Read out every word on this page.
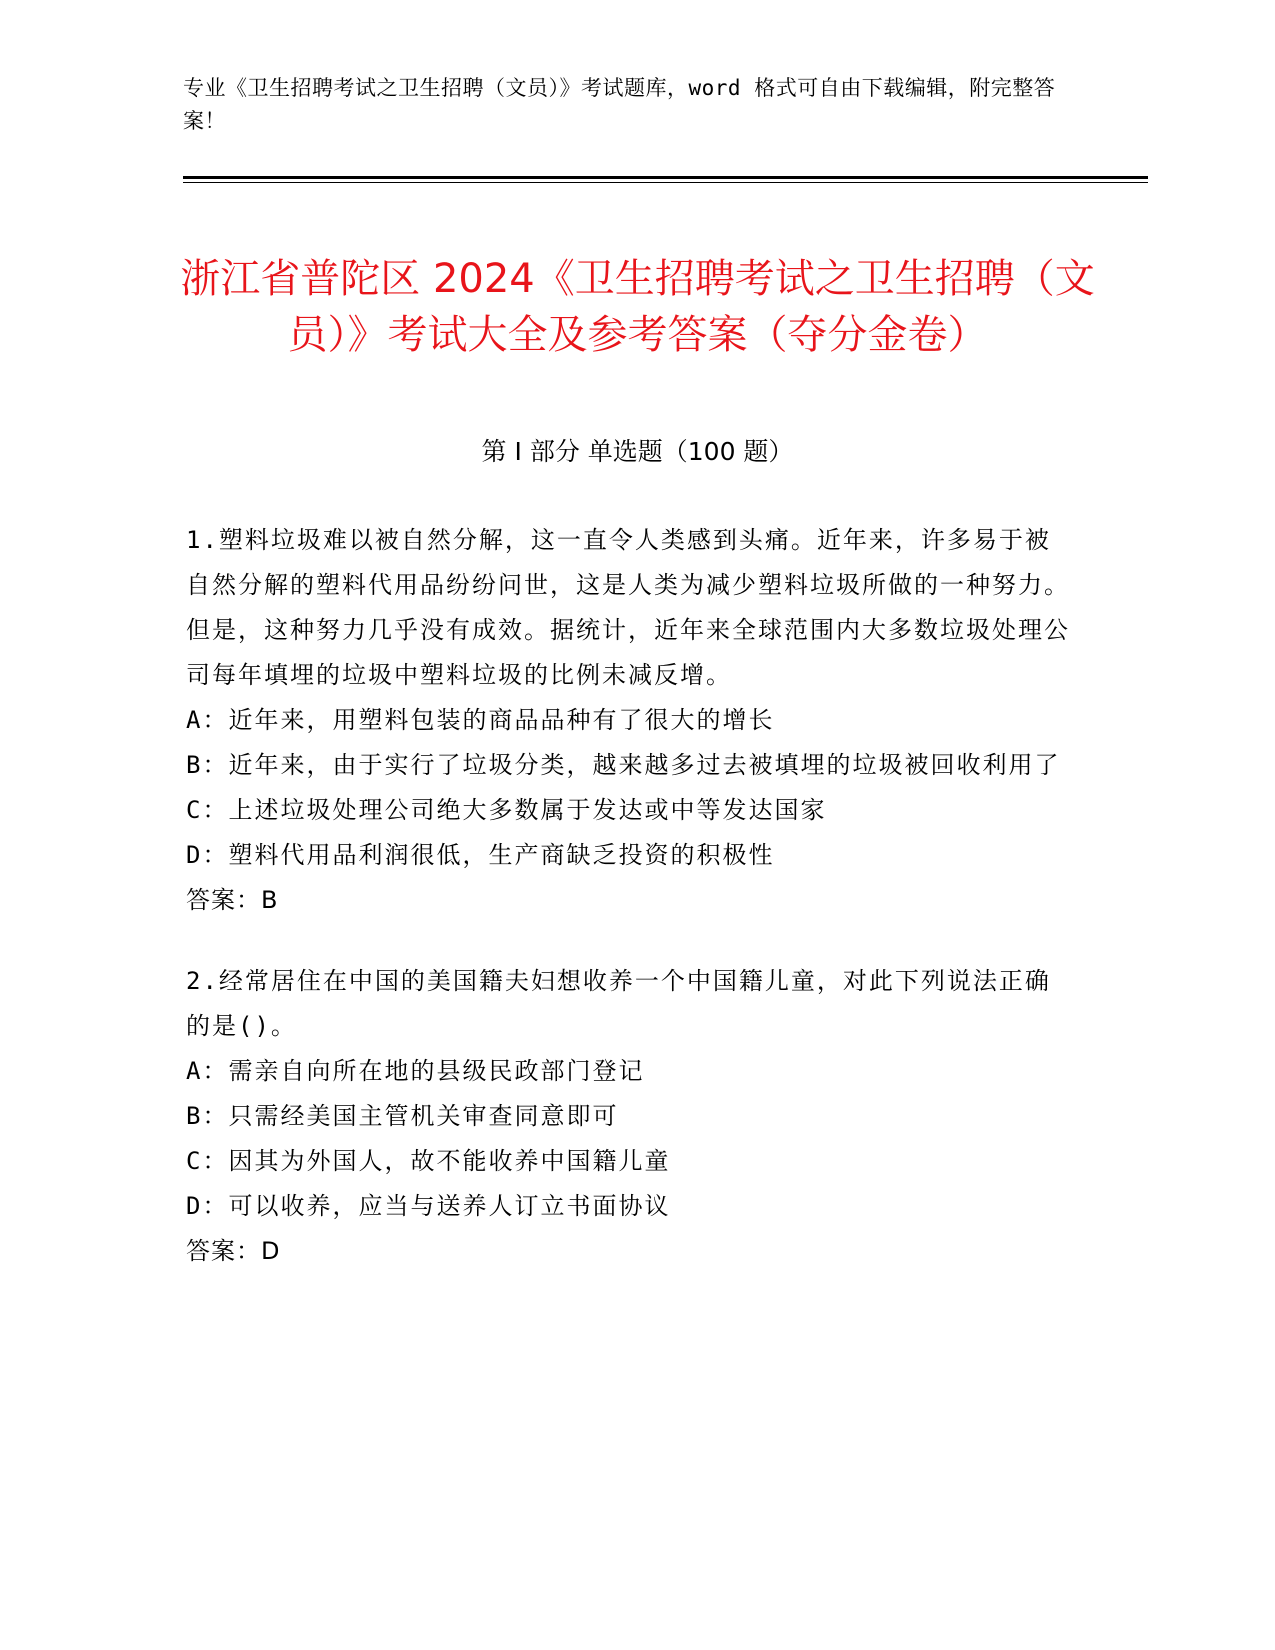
专业《卫生招聘考试之卫生招聘（文员）》考试题库，word 格式可自由下载编辑，附完整答案！
浙江省普陀区 2024《卫生招聘考试之卫生招聘（文员）》考试大全及参考答案（夺分金卷）
第 I 部分 单选题（100 题）

1.塑料垃圾难以被自然分解，这一直令人类感到头痛。近年来，许多易于被自然分解的塑料代用品纷纷问世，这是人类为减少塑料垃圾所做的一种努力。但是，这种努力几乎没有成效。据统计，近年来全球范围内大多数垃圾处理公司每年填埋的垃圾中塑料垃圾的比例未减反增。

A：近年来，用塑料包装的商品品种有了很大的增长

B：近年来，由于实行了垃圾分类，越来越多过去被填埋的垃圾被回收利用了

C：上述垃圾处理公司绝大多数属于发达或中等发达国家

D：塑料代用品利润很低，生产商缺乏投资的积极性

答案：B

2.经常居住在中国的美国籍夫妇想收养一个中国籍儿童，对此下列说法正确的是()。

A：需亲自向所在地的县级民政部门登记

B：只需经美国主管机关审查同意即可

C：因其为外国人，故不能收养中国籍儿童

D：可以收养，应当与送养人订立书面协议

答案：D
